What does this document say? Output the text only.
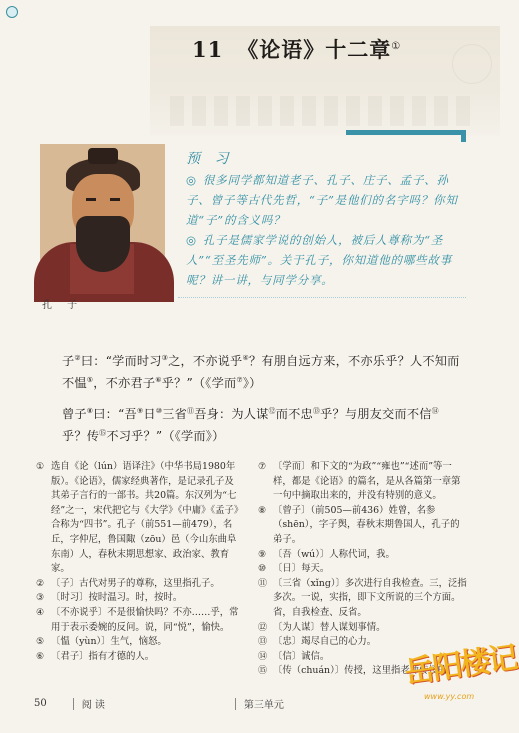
11 《论语》十二章①
孔 子
预 习

◎ 很多同学都知道老子、孔子、庄子、孟子、孙子、曾子等古代先哲，“子”是他们的名字吗？你知道“子”的含义吗？

◎ 孔子是儒家学说的创始人，被后人尊称为“圣人”“至圣先师”。关于孔子，你知道他的哪些故事呢？讲一讲，与同学分享。

子②曰：“学而时习③之，不亦说乎④？有朋自远方来，不亦乐乎？人不知而不愠⑤，不亦君子⑥乎？”（《学而⑦》）
曾子⑧曰：“吾⑨日⑩三省⑪吾身：为人谋⑫而不忠⑬乎？与朋友交而不信⑭乎？传⑮不习乎？”（《学而》）
① 选自《论（lún）语译注》（中华书局1980年版）。《论语》，儒家经典著作，是记录孔子及其弟子言行的一部书。共20篇。东汉列为“七经”之一，宋代把它与《大学》《中庸》《孟子》合称为“四书”。孔子（前551—前479），名丘，字仲尼，鲁国陬（zōu）邑（今山东曲阜东南）人，春秋末期思想家、政治家、教育家。
② 〔子〕古代对男子的尊称，这里指孔子。
③ 〔时习〕按时温习。时，按时。
④ 〔不亦说乎〕不是很愉快吗？不亦……乎，常用于表示委婉的反问。说，同“悦”，愉快。
⑤ 〔愠（yùn）〕生气，恼怒。
⑥ 〔君子〕指有才德的人。
⑦ 〔学而〕和下文的“为政”“雍也”“述而”等一样，都是《论语》的篇名，是从各篇第一章第一句中摘取出来的，并没有特别的意义。
⑧ 〔曾子〕（前505—前436）姓曾，名参（shēn），字子舆，春秋末期鲁国人，孔子的弟子。
⑨ 〔吾（wú）〕人称代词，我。
⑩ 〔日〕每天。
⑪ 〔三省（xǐng）〕多次进行自我检查。三，泛指多次。一说，实指，即下文所说的三个方面。省，自我检查、反省。
⑫ 〔为人谋〕替人谋划事情。
⑬ 〔忠〕竭尽自己的心力。
⑭ 〔信〕诚信。
⑮ 〔传（chuán）〕传授，这里指老师传授的
50	阅 读	第三单元
岳阳楼记
www.yy.com
